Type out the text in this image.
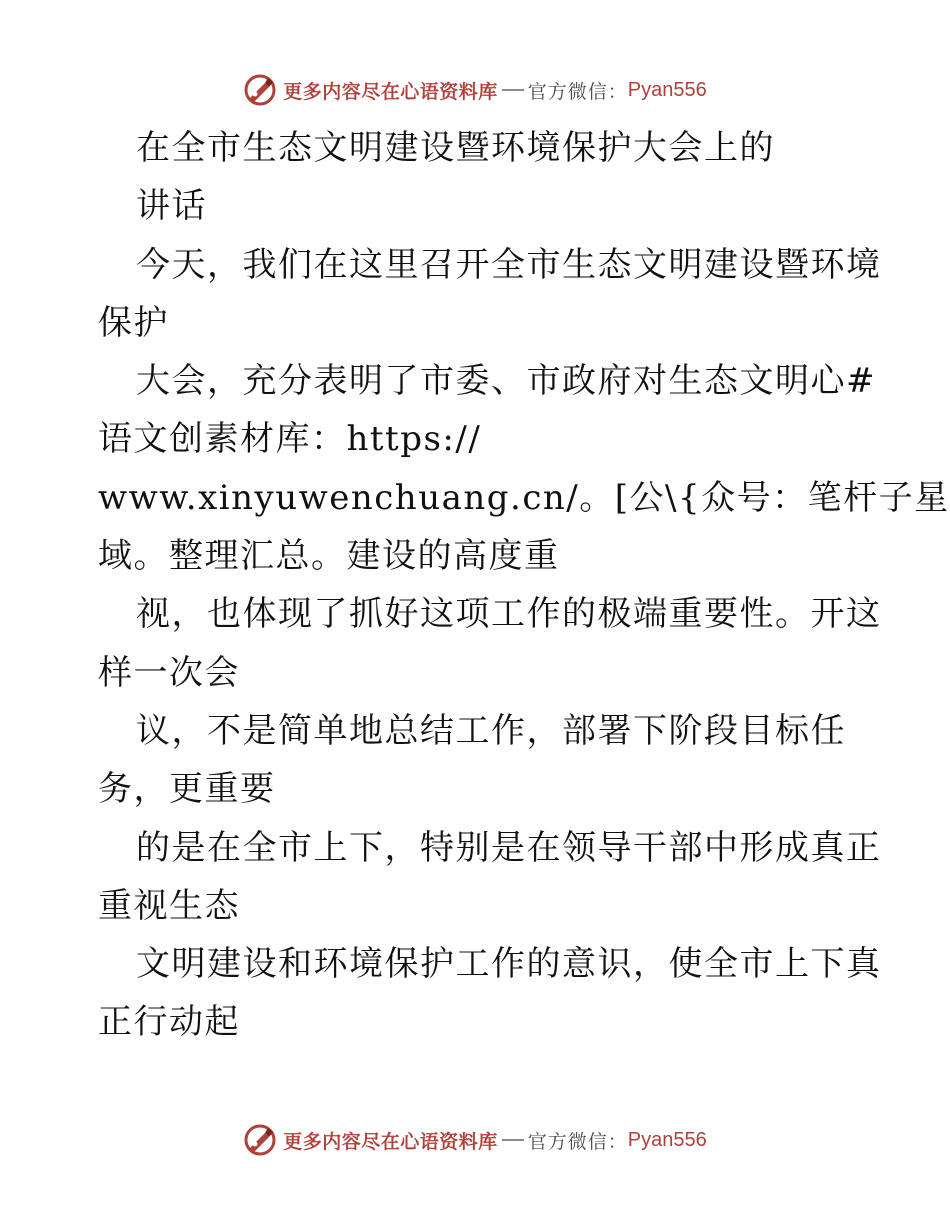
更多内容尽在心语资料库 官方微信： Pyan556
在全市生态文明建设暨环境保护大会上的
讲话
今天，我们在这里召开全市生态文明建设暨环境
保护
大会，充分表明了市委、市政府对生态文明心#
语文创素材库：https://
www.xinyuwenchuang.cn/。[公\{众号：笔杆子星
域。整理汇总。建设的高度重
视，也体现了抓好这项工作的极端重要性。开这
样一次会
议，不是简单地总结工作，部署下阶段目标任
务，更重要
的是在全市上下，特别是在领导干部中形成真正
重视生态
文明建设和环境保护工作的意识，使全市上下真
正行动起
更多内容尽在心语资料库 官方微信： Pyan556
